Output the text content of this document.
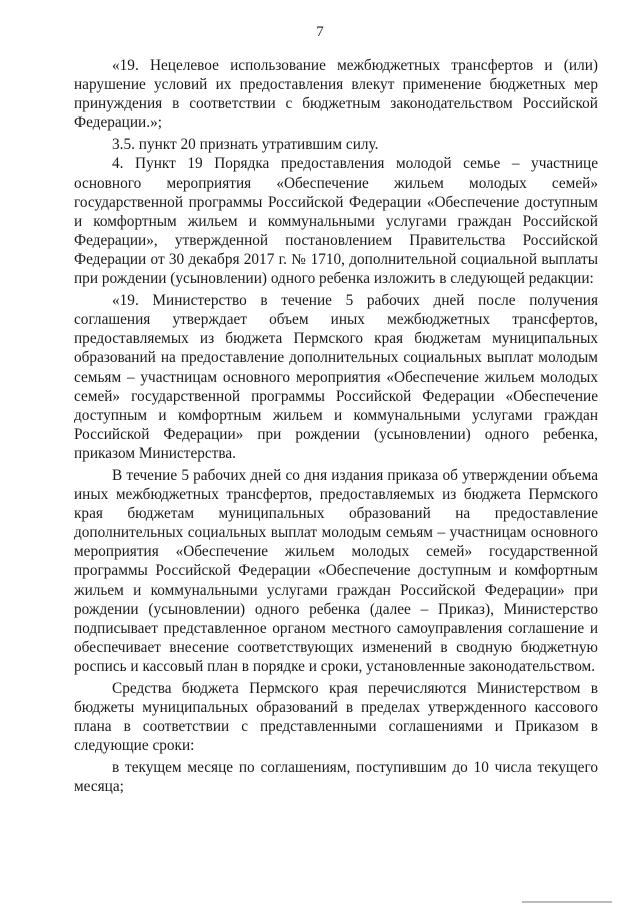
7

«19. Нецелевое использование межбюджетных трансфертов и (или) нарушение условий их предоставления влекут применение бюджетных мер принуждения в соответствии с бюджетным законодательством Российской Федерации.»;

3.5. пункт 20 признать утратившим силу.

4. Пункт 19 Порядка предоставления молодой семье – участнице основного мероприятия «Обеспечение жильем молодых семей» государственной программы Российской Федерации «Обеспечение доступным и комфортным жильем и коммунальными услугами граждан Российской Федерации», утвержденной постановлением Правительства Российской Федерации от 30 декабря 2017 г. № 1710, дополнительной социальной выплаты при рождении (усыновлении) одного ребенка изложить в следующей редакции:

«19. Министерство в течение 5 рабочих дней после получения соглашения утверждает объем иных межбюджетных трансфертов, предоставляемых из бюджета Пермского края бюджетам муниципальных образований на предоставление дополнительных социальных выплат молодым семьям – участницам основного мероприятия «Обеспечение жильем молодых семей» государственной программы Российской Федерации «Обеспечение доступным и комфортным жильем и коммунальными услугами граждан Российской Федерации» при рождении (усыновлении) одного ребенка, приказом Министерства.

В течение 5 рабочих дней со дня издания приказа об утверждении объема иных межбюджетных трансфертов, предоставляемых из бюджета Пермского края бюджетам муниципальных образований на предоставление дополнительных социальных выплат молодым семьям – участницам основного мероприятия «Обеспечение жильем молодых семей» государственной программы Российской Федерации «Обеспечение доступным и комфортным жильем и коммунальными услугами граждан Российской Федерации» при рождении (усыновлении) одного ребенка (далее – Приказ), Министерство подписывает представленное органом местного самоуправления соглашение и обеспечивает внесение соответствующих изменений в сводную бюджетную роспись и кассовый план в порядке и сроки, установленные законодательством.

Средства бюджета Пермского края перечисляются Министерством в бюджеты муниципальных образований в пределах утвержденного кассового плана в соответствии с представленными соглашениями и Приказом в следующие сроки:

в текущем месяце по соглашениям, поступившим до 10 числа текущего месяца;
